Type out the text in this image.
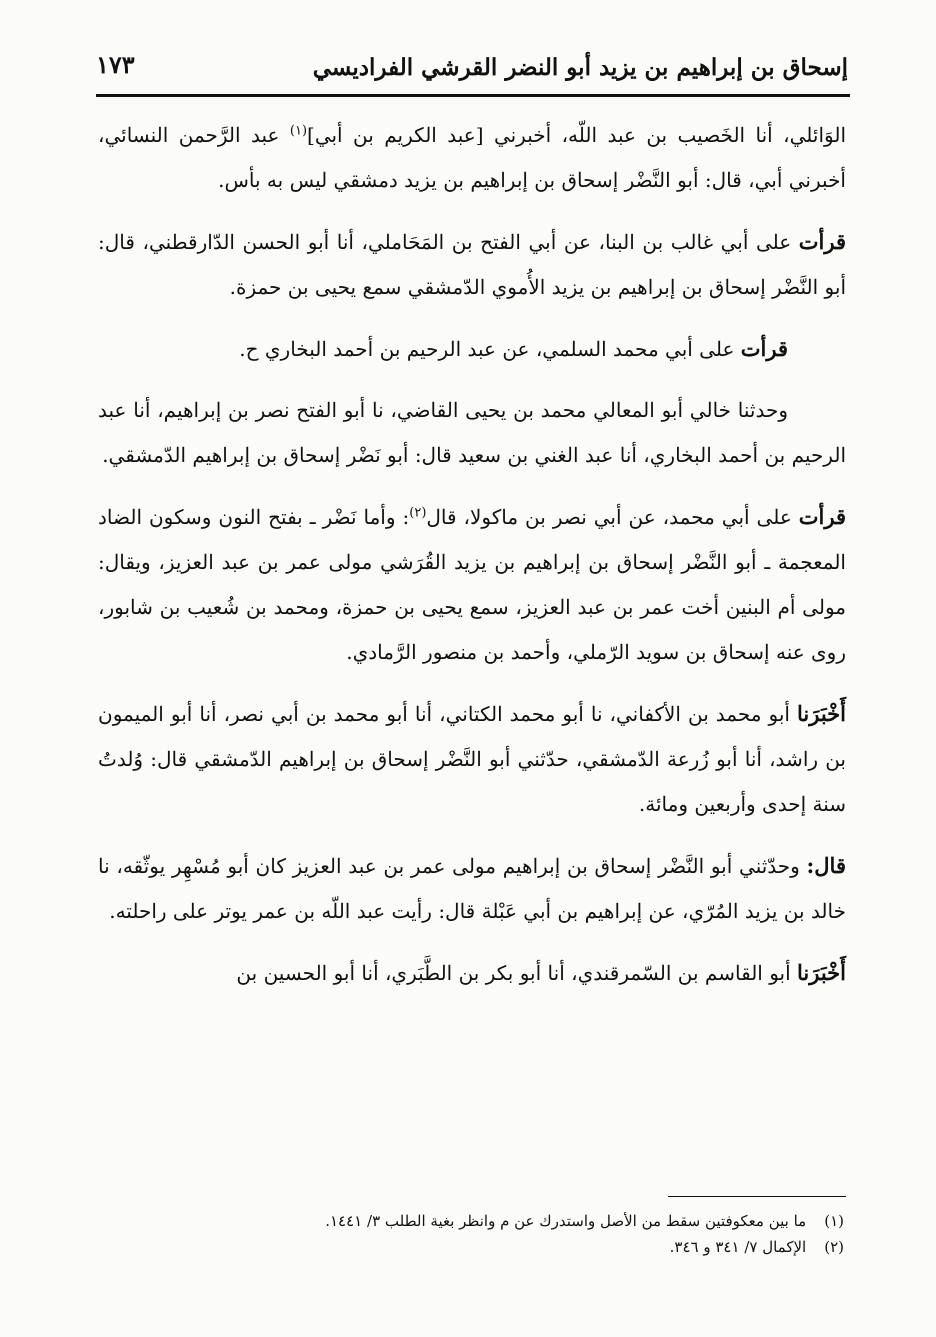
إسحاق بن إبراهيم بن يزيد أبو النضر القرشي الفراديسي
١٧٣

الوَائلي، أنا الخَصيب بن عبد اللّه، أخبرني [عبد الكريم بن أبي]$^{(١)}$ عبد الرَّحمن النسائي، أخبرني أبي، قال: أبو النَّضْر إسحاق بن إبراهيم بن يزيد دمشقي ليس به بأس.

قرأت على أبي غالب بن البنا، عن أبي الفتح بن المَحَاملي، أنا أبو الحسن الدّارقطني، قال: أبو النَّضْر إسحاق بن إبراهيم بن يزيد الأُموي الدّمشقي سمع يحيى بن حمزة.

قرأت على أبي محمد السلمي، عن عبد الرحيم بن أحمد البخاري ح.

وحدثنا خالي أبو المعالي محمد بن يحيى القاضي، نا أبو الفتح نصر بن إبراهيم، أنا عبد الرحيم بن أحمد البخاري، أنا عبد الغني بن سعيد قال: أبو نَضْر إسحاق بن إبراهيم الدّمشقي.

قرأت على أبي محمد، عن أبي نصر بن ماكولا، قال$^{(٢)}$: وأما نَضْر ـ بفتح النون وسكون الضاد المعجمة ـ أبو النَّضْر إسحاق بن إبراهيم بن يزيد القُرَشي مولى عمر بن عبد العزيز، ويقال: مولى أم البنين أخت عمر بن عبد العزيز، سمع يحيى بن حمزة، ومحمد بن شُعيب بن شابور، روى عنه إسحاق بن سويد الرّملي، وأحمد بن منصور الرَّمادي.

أَخْبَرَنا أبو محمد بن الأكفاني، نا أبو محمد الكتاني، أنا أبو محمد بن أبي نصر، أنا أبو الميمون بن راشد، أنا أبو زُرعة الدّمشقي، حدّثني أبو النَّضْر إسحاق بن إبراهيم الدّمشقي قال: وُلدتُ سنة إحدى وأربعين ومائة.

قال: وحدّثني أبو النَّضْر إسحاق بن إبراهيم مولى عمر بن عبد العزيز كان أبو مُسْهِر يوثّقه، نا خالد بن يزيد المُرّي، عن إبراهيم بن أبي عَبْلة قال: رأيت عبد اللّه بن عمر يوتر على راحلته.

أَخْبَرَنا أبو القاسم بن السّمرقندي، أنا أبو بكر بن الطَّبَري، أنا أبو الحسين بن

(١)ما بين معكوفتين سقط من الأصل واستدرك عن م وانظر بغية الطلب ٣/ ١٤٤١.
(٢)الإكمال ٧/ ٣٤١ و ٣٤٦.
